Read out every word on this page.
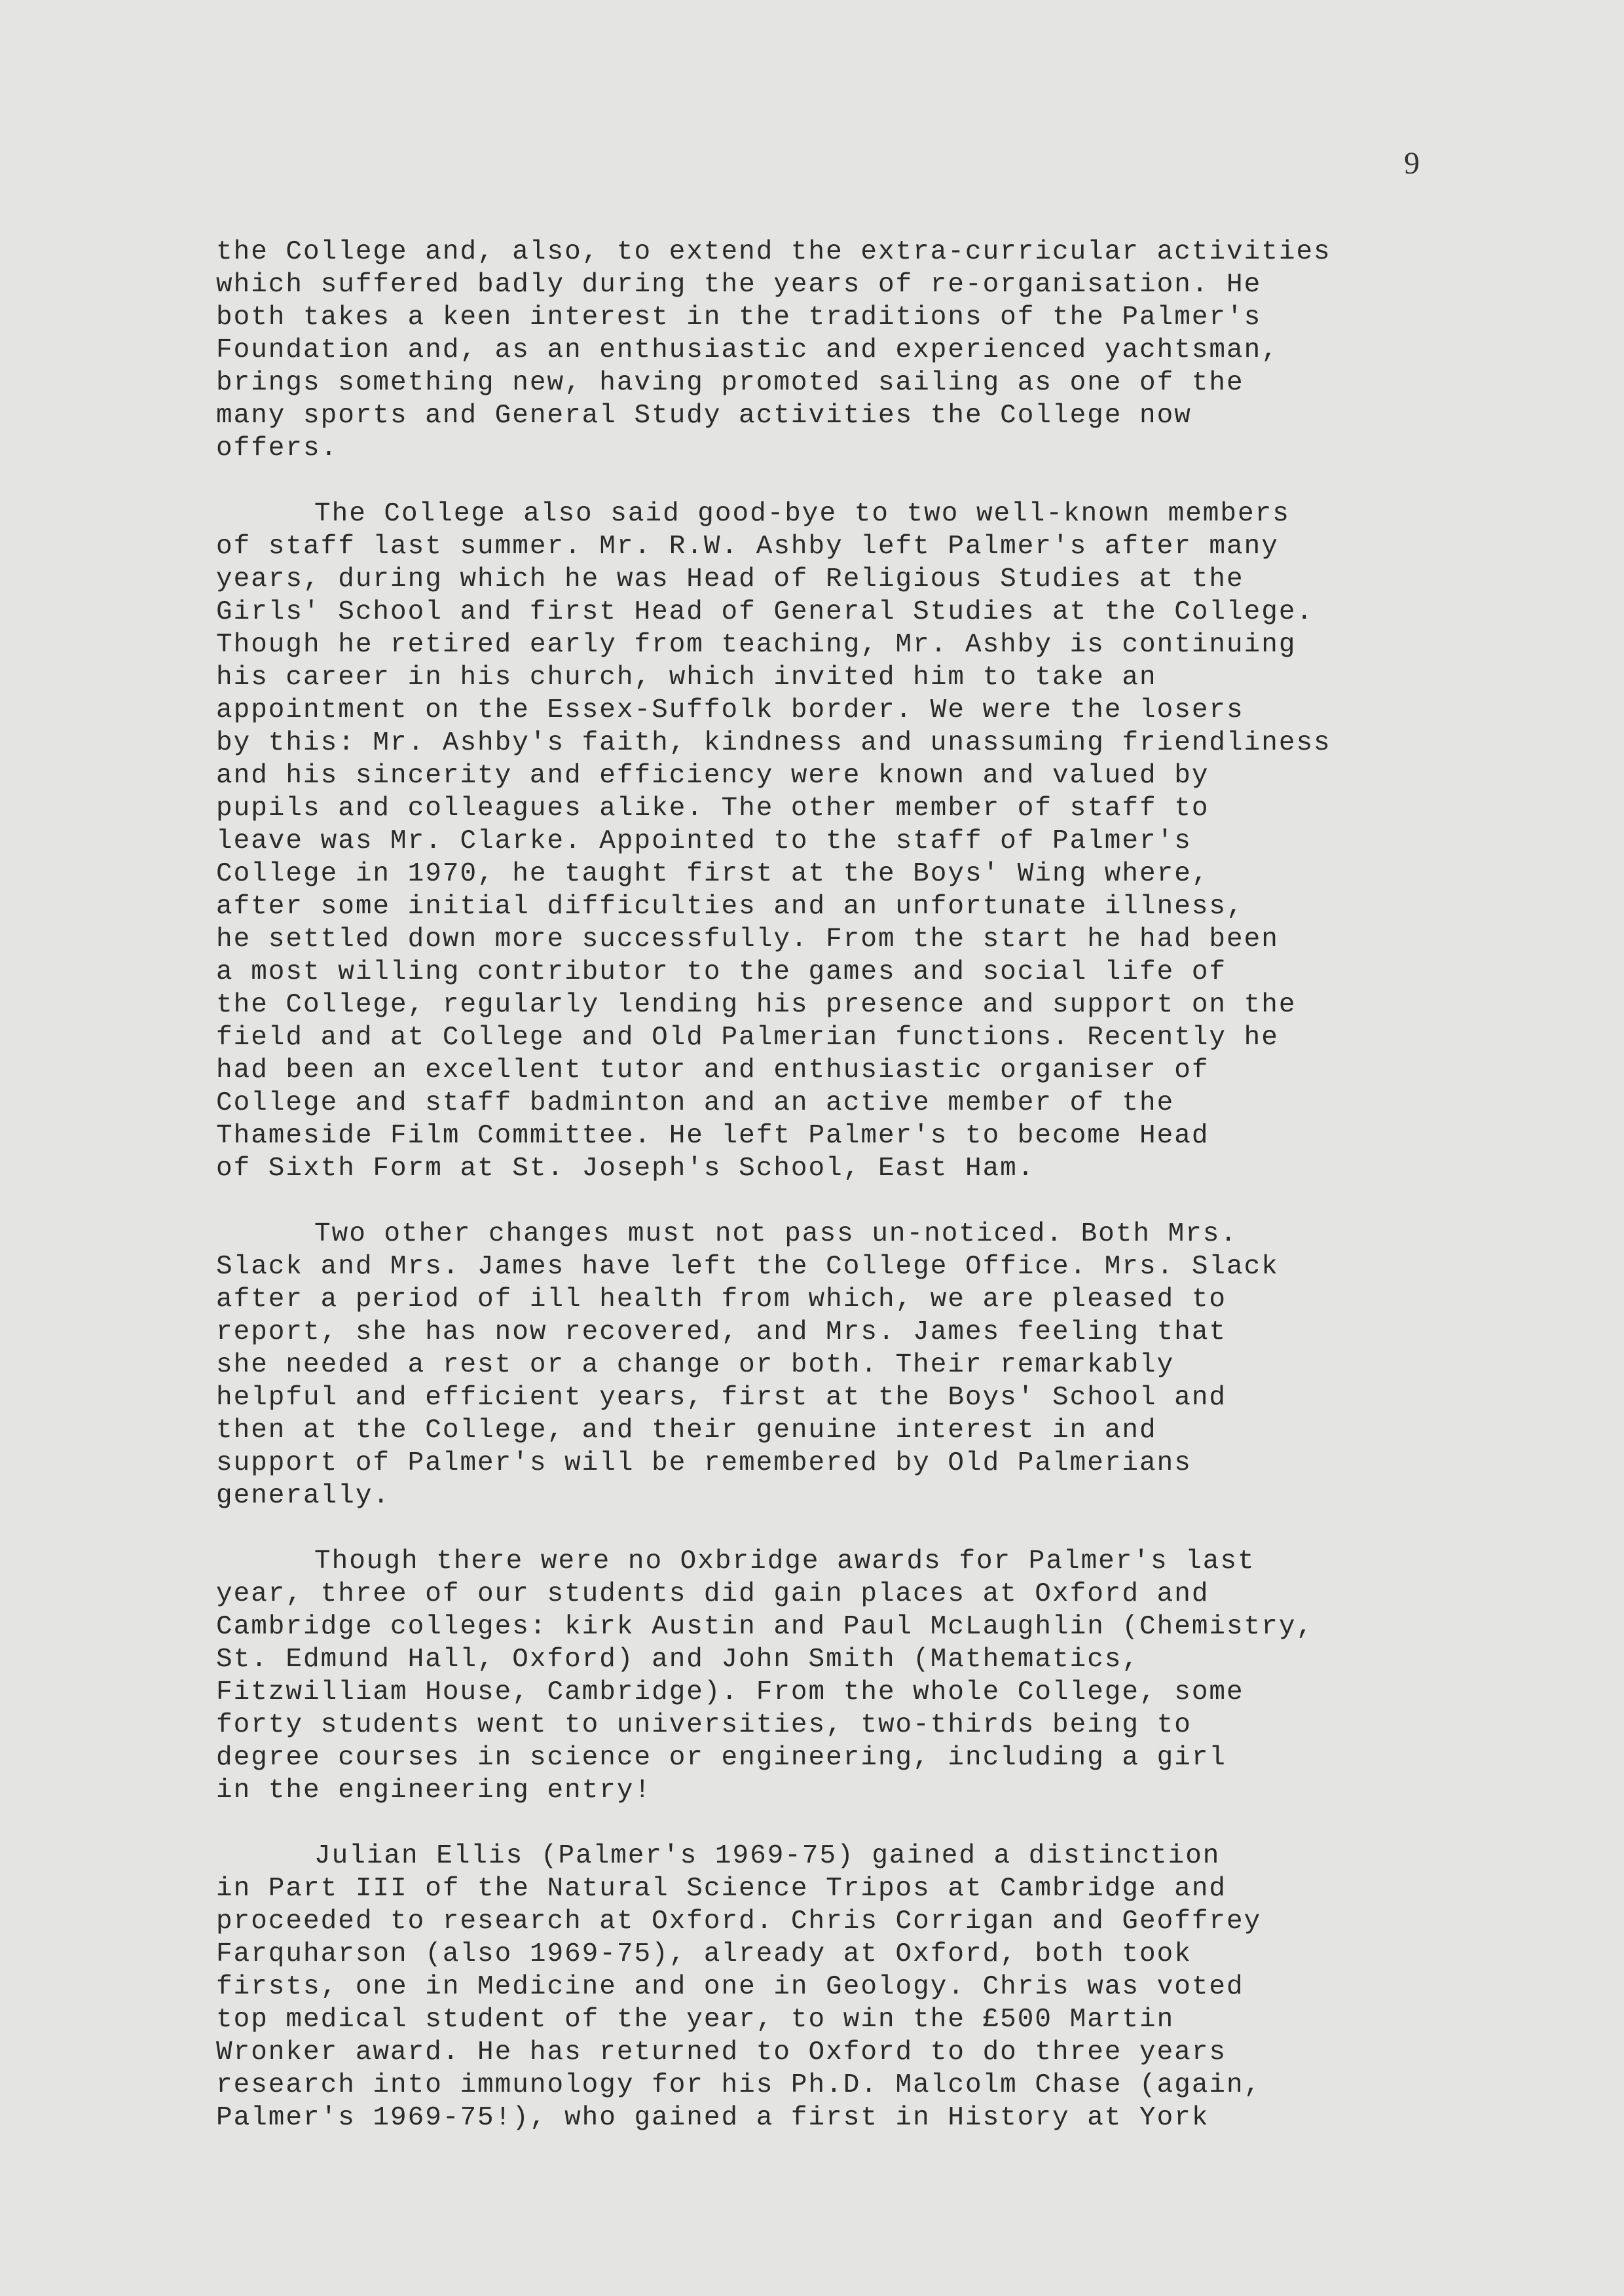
9
the College and, also, to extend the extra-curricular activities
which suffered badly during the years of re-organisation. He
both takes a keen interest in the traditions of the Palmer's
Foundation and, as an enthusiastic and experienced yachtsman,
brings something new, having promoted sailing as one of the
many sports and General Study activities the College now
offers.
The College also said good-bye to two well-known members
of staff last summer. Mr. R.W. Ashby left Palmer's after many
years, during which he was Head of Religious Studies at the
Girls' School and first Head of General Studies at the College.
Though he retired early from teaching, Mr. Ashby is continuing
his career in his church, which invited him to take an
appointment on the Essex-Suffolk border. We were the losers
by this: Mr. Ashby's faith, kindness and unassuming friendliness
and his sincerity and efficiency were known and valued by
pupils and colleagues alike. The other member of staff to
leave was Mr. Clarke. Appointed to the staff of Palmer's
College in 1970, he taught first at the Boys' Wing where,
after some initial difficulties and an unfortunate illness,
he settled down more successfully. From the start he had been
a most willing contributor to the games and social life of
the College, regularly lending his presence and support on the
field and at College and Old Palmerian functions. Recently he
had been an excellent tutor and enthusiastic organiser of
College and staff badminton and an active member of the
Thameside Film Committee. He left Palmer's to become Head
of Sixth Form at St. Joseph's School, East Ham.
Two other changes must not pass un-noticed. Both Mrs.
Slack and Mrs. James have left the College Office. Mrs. Slack
after a period of ill health from which, we are pleased to
report, she has now recovered, and Mrs. James feeling that
she needed a rest or a change or both. Their remarkably
helpful and efficient years, first at the Boys' School and
then at the College, and their genuine interest in and
support of Palmer's will be remembered by Old Palmerians
generally.
Though there were no Oxbridge awards for Palmer's last
year, three of our students did gain places at Oxford and
Cambridge colleges: kirk Austin and Paul McLaughlin (Chemistry,
St. Edmund Hall, Oxford) and John Smith (Mathematics,
Fitzwilliam House, Cambridge). From the whole College, some
forty students went to universities, two-thirds being to
degree courses in science or engineering, including a girl
in the engineering entry!
Julian Ellis (Palmer's 1969-75) gained a distinction
in Part III of the Natural Science Tripos at Cambridge and
proceeded to research at Oxford. Chris Corrigan and Geoffrey
Farquharson (also 1969-75), already at Oxford, both took
firsts, one in Medicine and one in Geology. Chris was voted
top medical student of the year, to win the £500 Martin
Wronker award. He has returned to Oxford to do three years
research into immunology for his Ph.D. Malcolm Chase (again,
Palmer's 1969-75!), who gained a first in History at York
